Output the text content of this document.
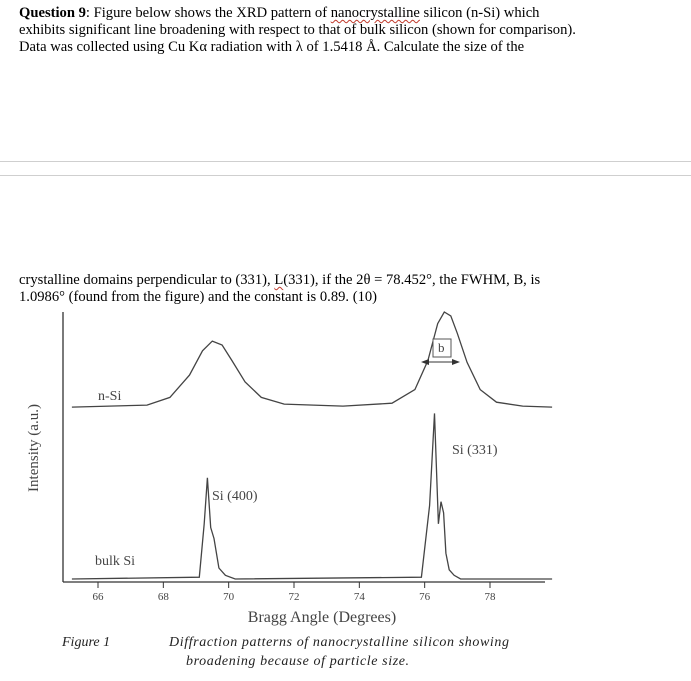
Question 9: Figure below shows the XRD pattern of nanocrystalline silicon (n-Si) which
exhibits significant line broadening with respect to that of bulk silicon (shown for comparison).
Data was collected using Cu Kα radiation with λ of 1.5418 Å. Calculate the size of the
crystalline domains perpendicular to (331), L(331), if the 2θ = 78.452°, the FWHM, B, is
1.0986° (found from the figure) and the constant is 0.89. (10)
66	68	70	72	74	76	78
n-Si
bulk Si
Si (400)
Si (331)
b
Bragg Angle (Degrees)
Intensity (a.u.)
Figure 1	Diffraction patterns of nanocrystalline silicon showing
broadening because of particle size.
